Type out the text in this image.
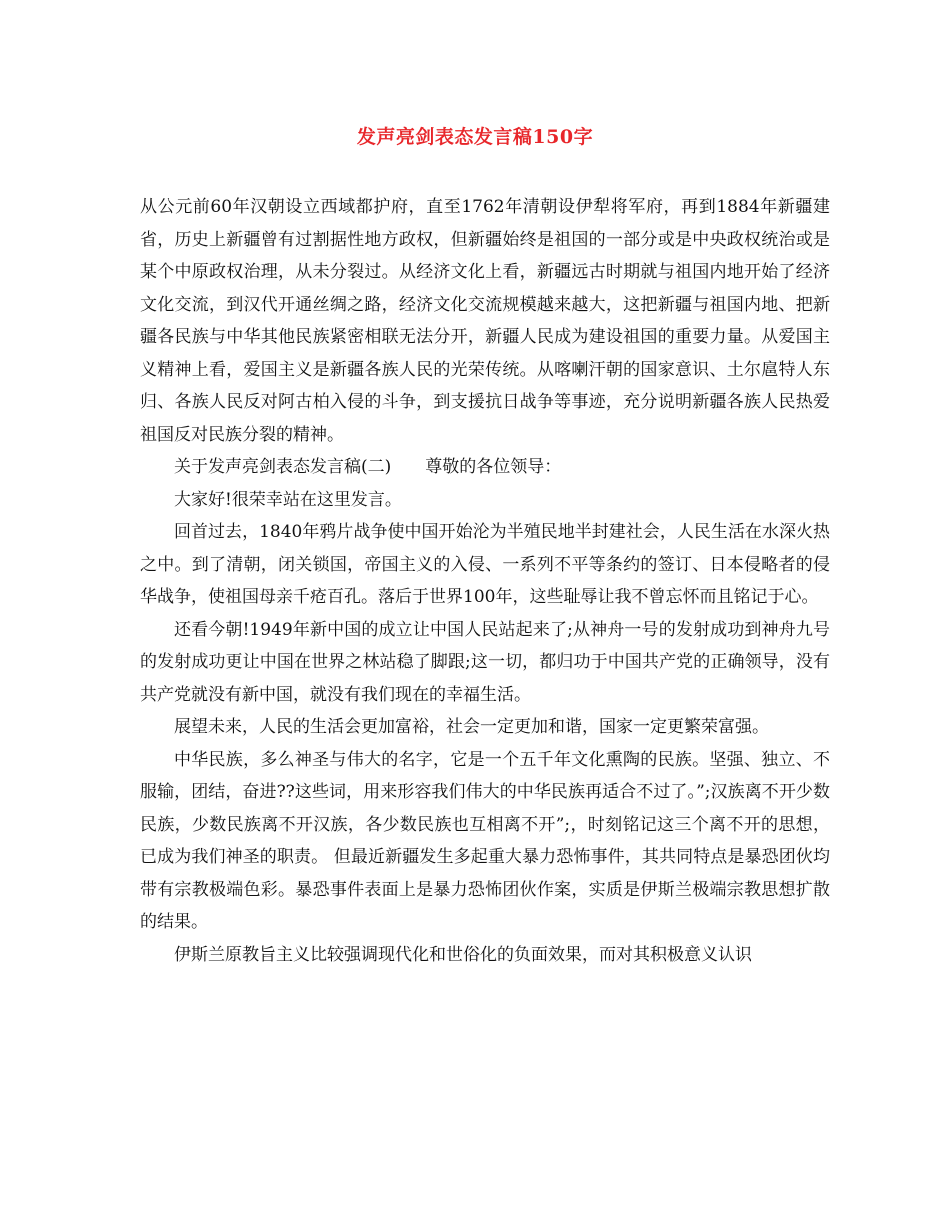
发声亮剑表态发言稿150字

从公元前60年汉朝设立西域都护府，直至1762年清朝设伊犁将军府，再到1884年新疆建省，历史上新疆曾有过割据性地方政权，但新疆始终是祖国的一部分或是中央政权统治或是某个中原政权治理，从未分裂过。从经济文化上看，新疆远古时期就与祖国内地开始了经济文化交流，到汉代开通丝绸之路，经济文化交流规模越来越大，这把新疆与祖国内地、把新疆各民族与中华其他民族紧密相联无法分开，新疆人民成为建设祖国的重要力量。从爱国主义精神上看，爱国主义是新疆各族人民的光荣传统。从喀喇汗朝的国家意识、土尔扈特人东归、各族人民反对阿古柏入侵的斗争，到支援抗日战争等事迹，充分说明新疆各族人民热爱祖国反对民族分裂的精神。

关于发声亮剑表态发言稿(二)　　尊敬的各位领导：

大家好!很荣幸站在这里发言。

回首过去，1840年鸦片战争使中国开始沦为半殖民地半封建社会，人民生活在水深火热之中。到了清朝，闭关锁国，帝国主义的入侵、一系列不平等条约的签订、日本侵略者的侵华战争，使祖国母亲千疮百孔。落后于世界100年，这些耻辱让我不曾忘怀而且铭记于心。

还看今朝!1949年新中国的成立让中国人民站起来了;从神舟一号的发射成功到神舟九号的发射成功更让中国在世界之林站稳了脚跟;这一切，都归功于中国共产党的正确领导，没有共产党就没有新中国，就没有我们现在的幸福生活。

展望未来，人民的生活会更加富裕，社会一定更加和谐，国家一定更繁荣富强。

中华民族，多么神圣与伟大的名字，它是一个五千年文化熏陶的民族。坚强、独立、不服输，团结，奋进??这些词，用来形容我们伟大的中华民族再适合不过了。”;汉族离不开少数民族，少数民族离不开汉族，各少数民族也互相离不开”;，时刻铭记这三个离不开的思想，已成为我们神圣的职责。 但最近新疆发生多起重大暴力恐怖事件，其共同特点是暴恐团伙均带有宗教极端色彩。暴恐事件表面上是暴力恐怖团伙作案，实质是伊斯兰极端宗教思想扩散的结果。

伊斯兰原教旨主义比较强调现代化和世俗化的负面效果，而对其积极意义认识
